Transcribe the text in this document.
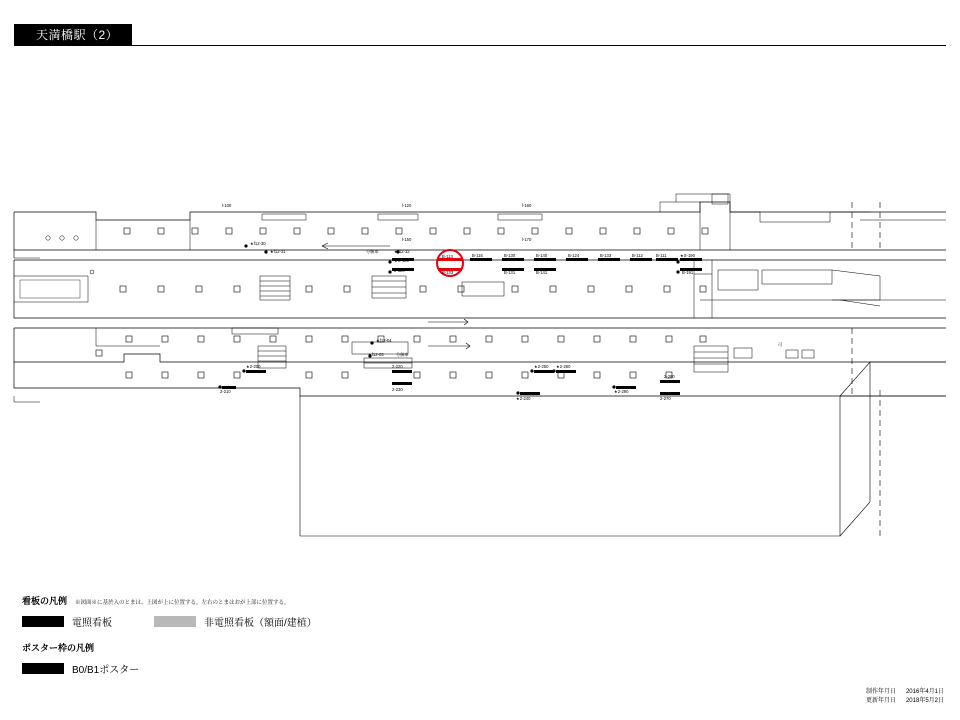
天満橋駅（2）
l-100	l-120	l-160
★f12-30
★f12-31	分解車	★f12-32
l-150	l-170
★S-100
8-120
B-113
B-133
B-116	B-130
B-131
B-140
B-141
B-124	B-133	B-112	B-111	★S-190
B-191
★f12-04
★f12-03	分解車
★2-200
2-210
2-220
2-230
★2-240
★2-250 ★2-260
★2-290
2-280
2-270
可
看板の凡例 ※図面※に基於入のとまは、上図が上に位置する。左右のとまはおが上部に位置する。
電照看板	非電照看板（額面/建植）
ポスター枠の凡例
B0/B1ポスター
制作年月日 2016年4月1日
更新年月日 2018年5月2日
